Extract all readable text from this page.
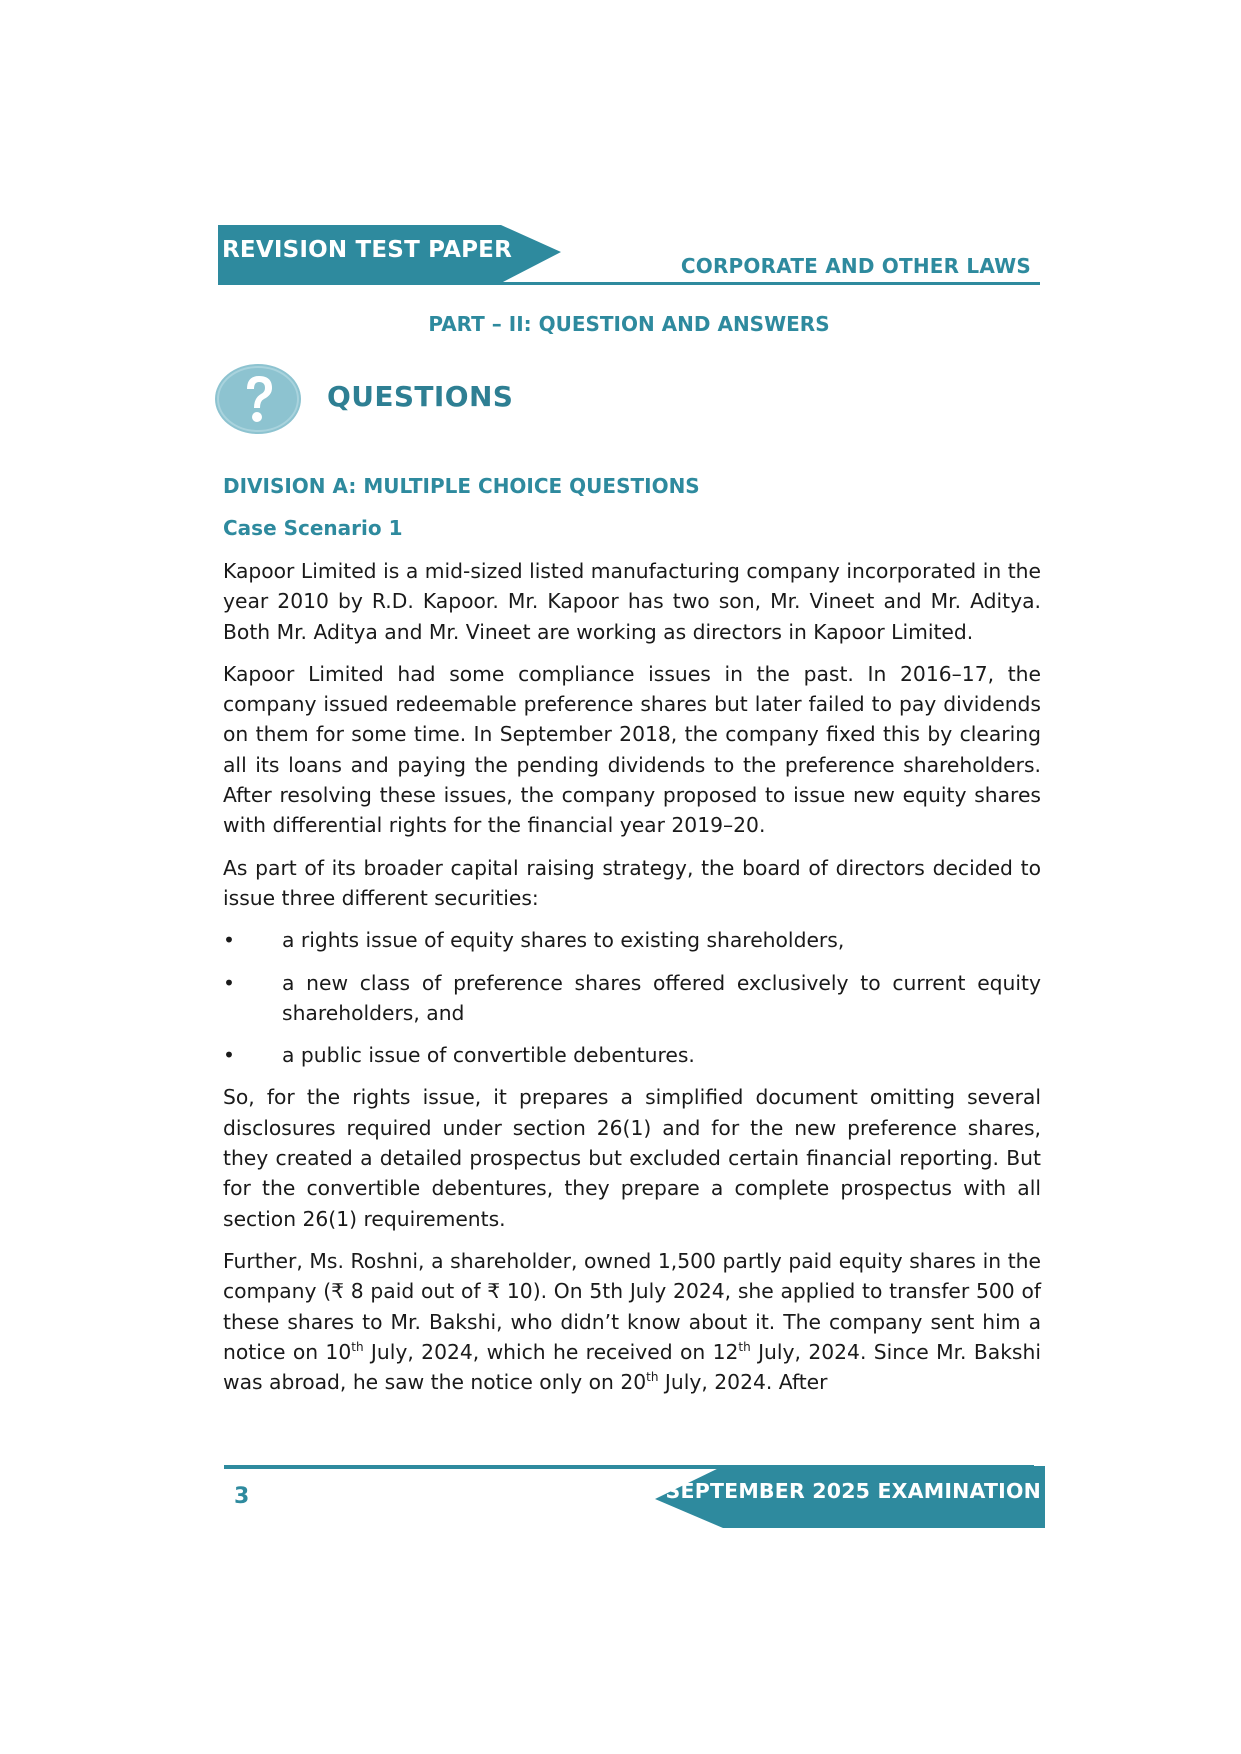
REVISION TEST PAPER
CORPORATE AND OTHER LAWS
PART – II: QUESTION AND ANSWERS
QUESTIONS
DIVISION A: MULTIPLE CHOICE QUESTIONS
Case Scenario 1

Kapoor Limited is a mid-sized listed manufacturing company incorporated in the year 2010 by R.D. Kapoor. Mr. Kapoor has two son, Mr. Vineet and Mr. Aditya. Both Mr. Aditya and Mr. Vineet are working as directors in Kapoor Limited.

Kapoor Limited had some compliance issues in the past. In 2016–17, the company issued redeemable preference shares but later failed to pay dividends on them for some time. In September 2018, the company fixed this by clearing all its loans and paying the pending dividends to the preference shareholders. After resolving these issues, the company proposed to issue new equity shares with differential rights for the financial year 2019–20.

As part of its broader capital raising strategy, the board of directors decided to issue three different securities:

• a rights issue of equity shares to existing shareholders,
• a new class of preference shares offered exclusively to current equity shareholders, and
• a public issue of convertible debentures.

So, for the rights issue, it prepares a simplified document omitting several disclosures required under section 26(1) and for the new preference shares, they created a detailed prospectus but excluded certain financial reporting. But for the convertible debentures, they prepare a complete prospectus with all section 26(1) requirements.

Further, Ms. Roshni, a shareholder, owned 1,500 partly paid equity shares in the company (₹ 8 paid out of ₹ 10). On 5th July 2024, she applied to transfer 500 of these shares to Mr. Bakshi, who didn’t know about it. The company sent him a notice on 10th July, 2024, which he received on 12th July, 2024. Since Mr. Bakshi was abroad, he saw the notice only on 20th July, 2024. After

3	SEPTEMBER 2025 EXAMINATION
